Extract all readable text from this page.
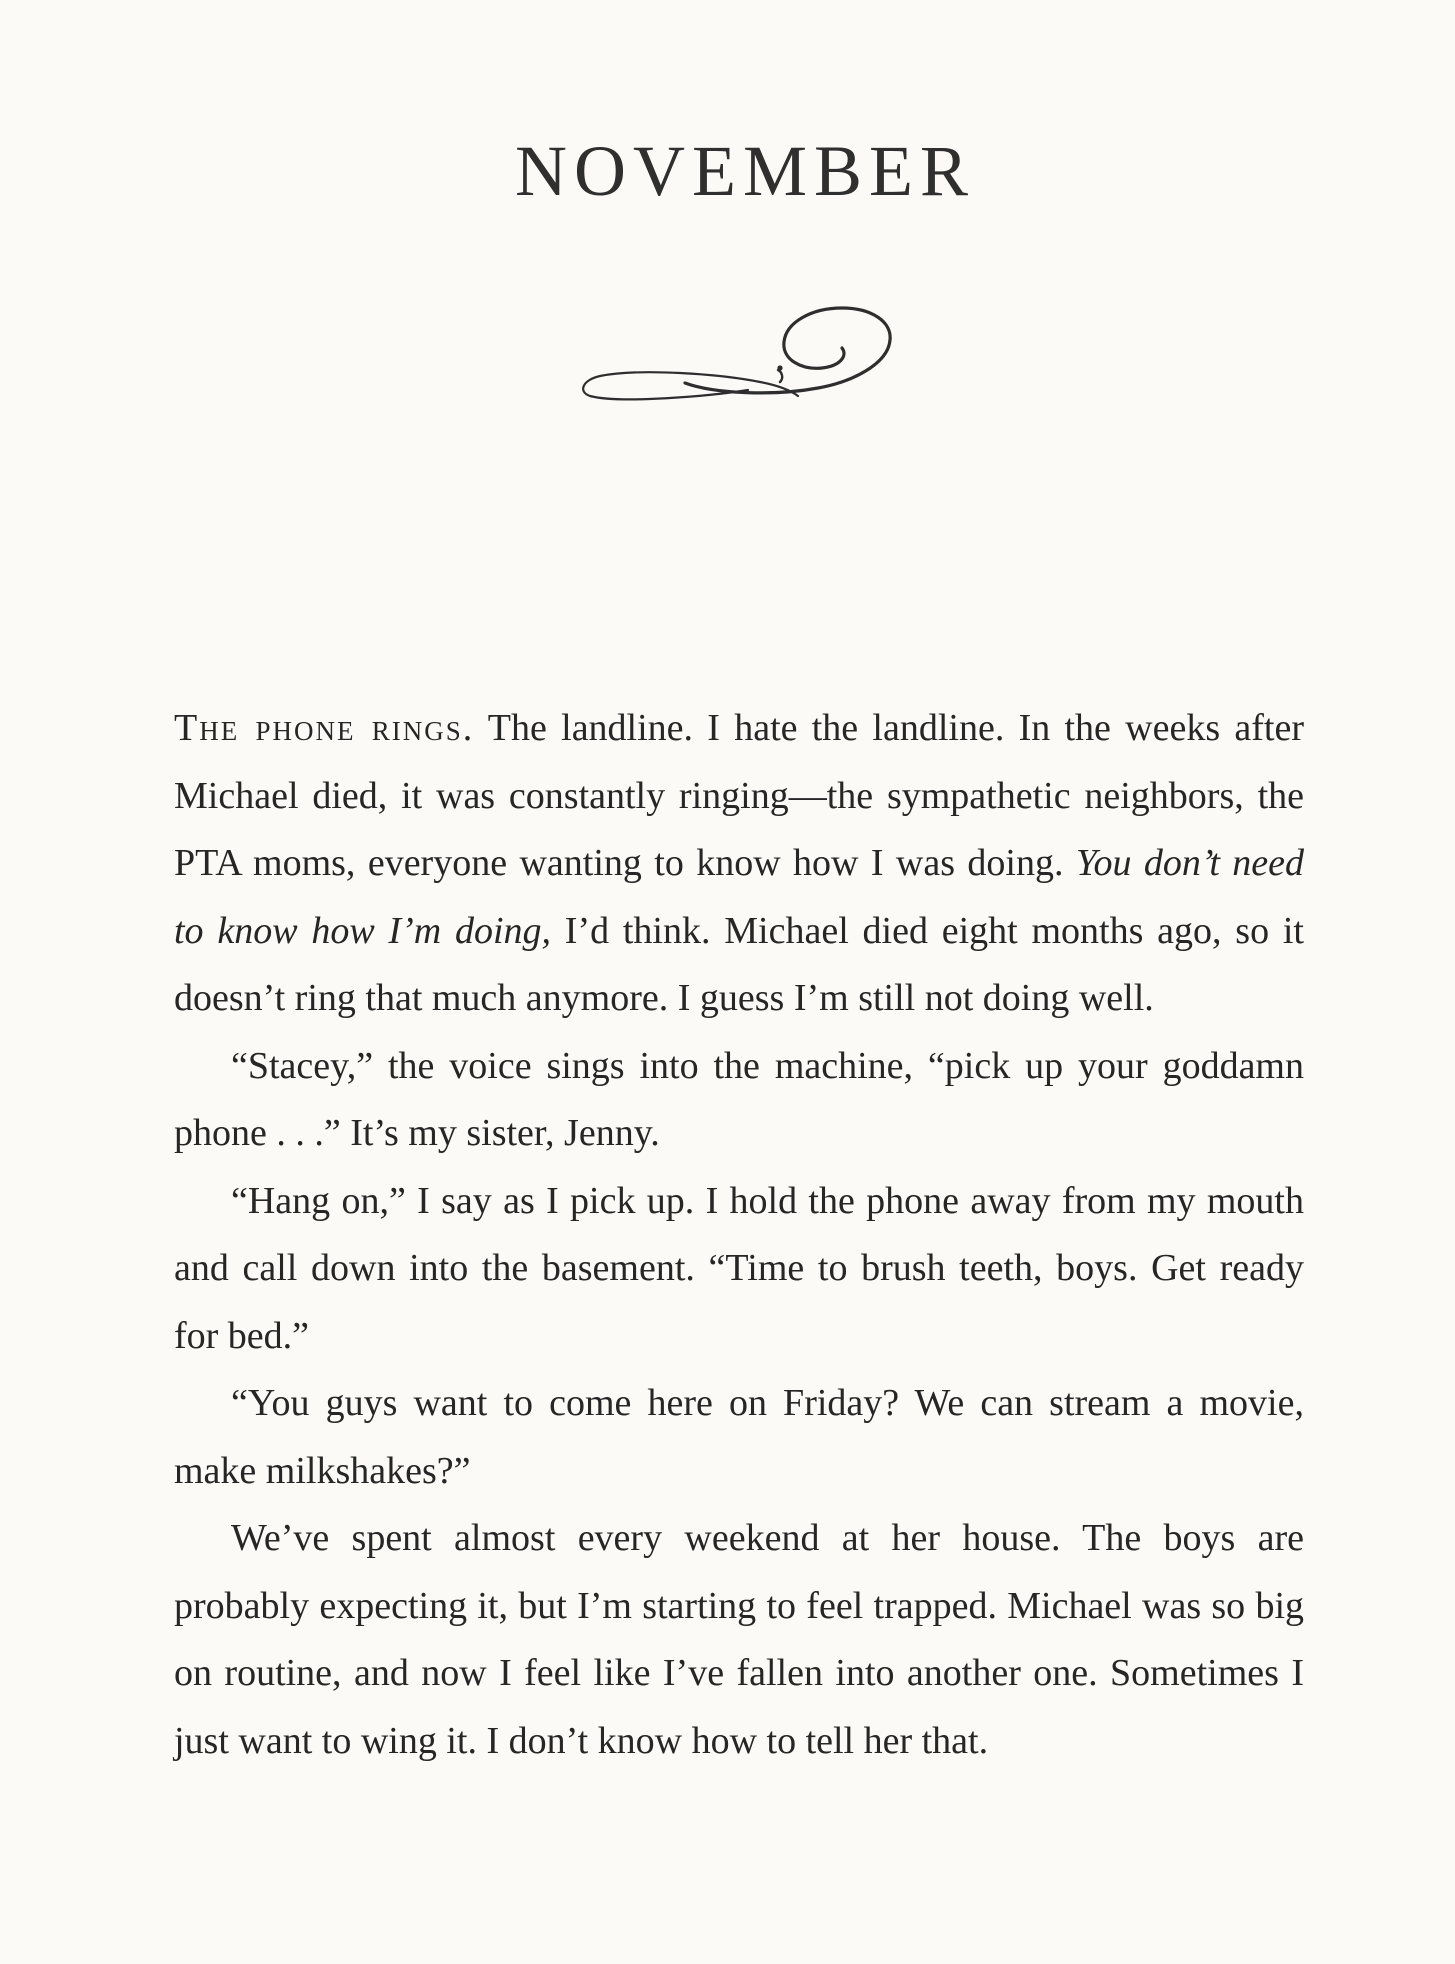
NOVEMBER

The phone rings. The landline. I hate the landline. In the weeks after Michael died, it was constantly ringing—the sympathetic neighbors, the PTA moms, everyone wanting to know how I was doing. You don’t need to know how I’m doing, I’d think. Michael died eight months ago, so it doesn’t ring that much anymore. I guess I’m still not doing well.

“Stacey,” the voice sings into the machine, “pick up your goddamn phone . . .” It’s my sister, Jenny.

“Hang on,” I say as I pick up. I hold the phone away from my mouth and call down into the basement. “Time to brush teeth, boys. Get ready for bed.”

“You guys want to come here on Friday? We can stream a movie, make milkshakes?”

We’ve spent almost every weekend at her house. The boys are probably expecting it, but I’m starting to feel trapped. Michael was so big on routine, and now I feel like I’ve fallen into another one. Sometimes I just want to wing it. I don’t know how to tell her that.
